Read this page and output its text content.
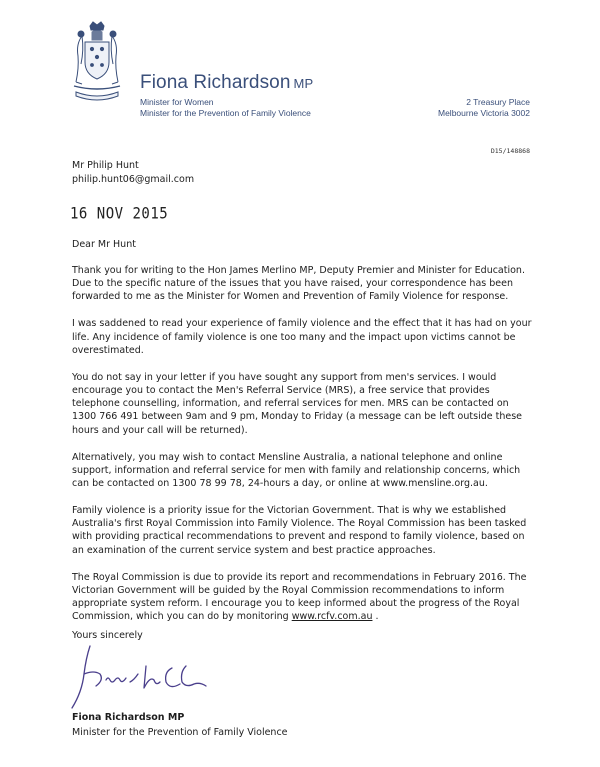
Fiona Richardson MP
Minister for Women
Minister for the Prevention of Family Violence
2 Treasury Place
Melbourne Victoria 3002
D15/148868
Mr Philip Hunt
philip.hunt06@gmail.com
16 NOV 2015
Dear Mr Hunt

Thank you for writing to the Hon James Merlino MP, Deputy Premier and Minister for Education. Due to the specific nature of the issues that you have raised, your correspondence has been forwarded to me as the Minister for Women and Prevention of Family Violence for response.

I was saddened to read your experience of family violence and the effect that it has had on your life. Any incidence of family violence is one too many and the impact upon victims cannot be overestimated.

You do not say in your letter if you have sought any support from men's services. I would encourage you to contact the Men's Referral Service (MRS), a free service that provides telephone counselling, information, and referral services for men. MRS can be contacted on 1300 766 491 between 9am and 9 pm, Monday to Friday (a message can be left outside these hours and your call will be returned).

Alternatively, you may wish to contact Mensline Australia, a national telephone and online support, information and referral service for men with family and relationship concerns, which can be contacted on 1300 78 99 78, 24-hours a day, or online at www.mensline.org.au.

Family violence is a priority issue for the Victorian Government. That is why we established Australia's first Royal Commission into Family Violence. The Royal Commission has been tasked with providing practical recommendations to prevent and respond to family violence, based on an examination of the current service system and best practice approaches.

The Royal Commission is due to provide its report and recommendations in February 2016. The Victorian Government will be guided by the Royal Commission recommendations to inform appropriate system reform. I encourage you to keep informed about the progress of the Royal Commission, which you can do by monitoring www.rcfv.com.au .

Yours sincerely
Fiona Richardson MP
Minister for the Prevention of Family Violence
